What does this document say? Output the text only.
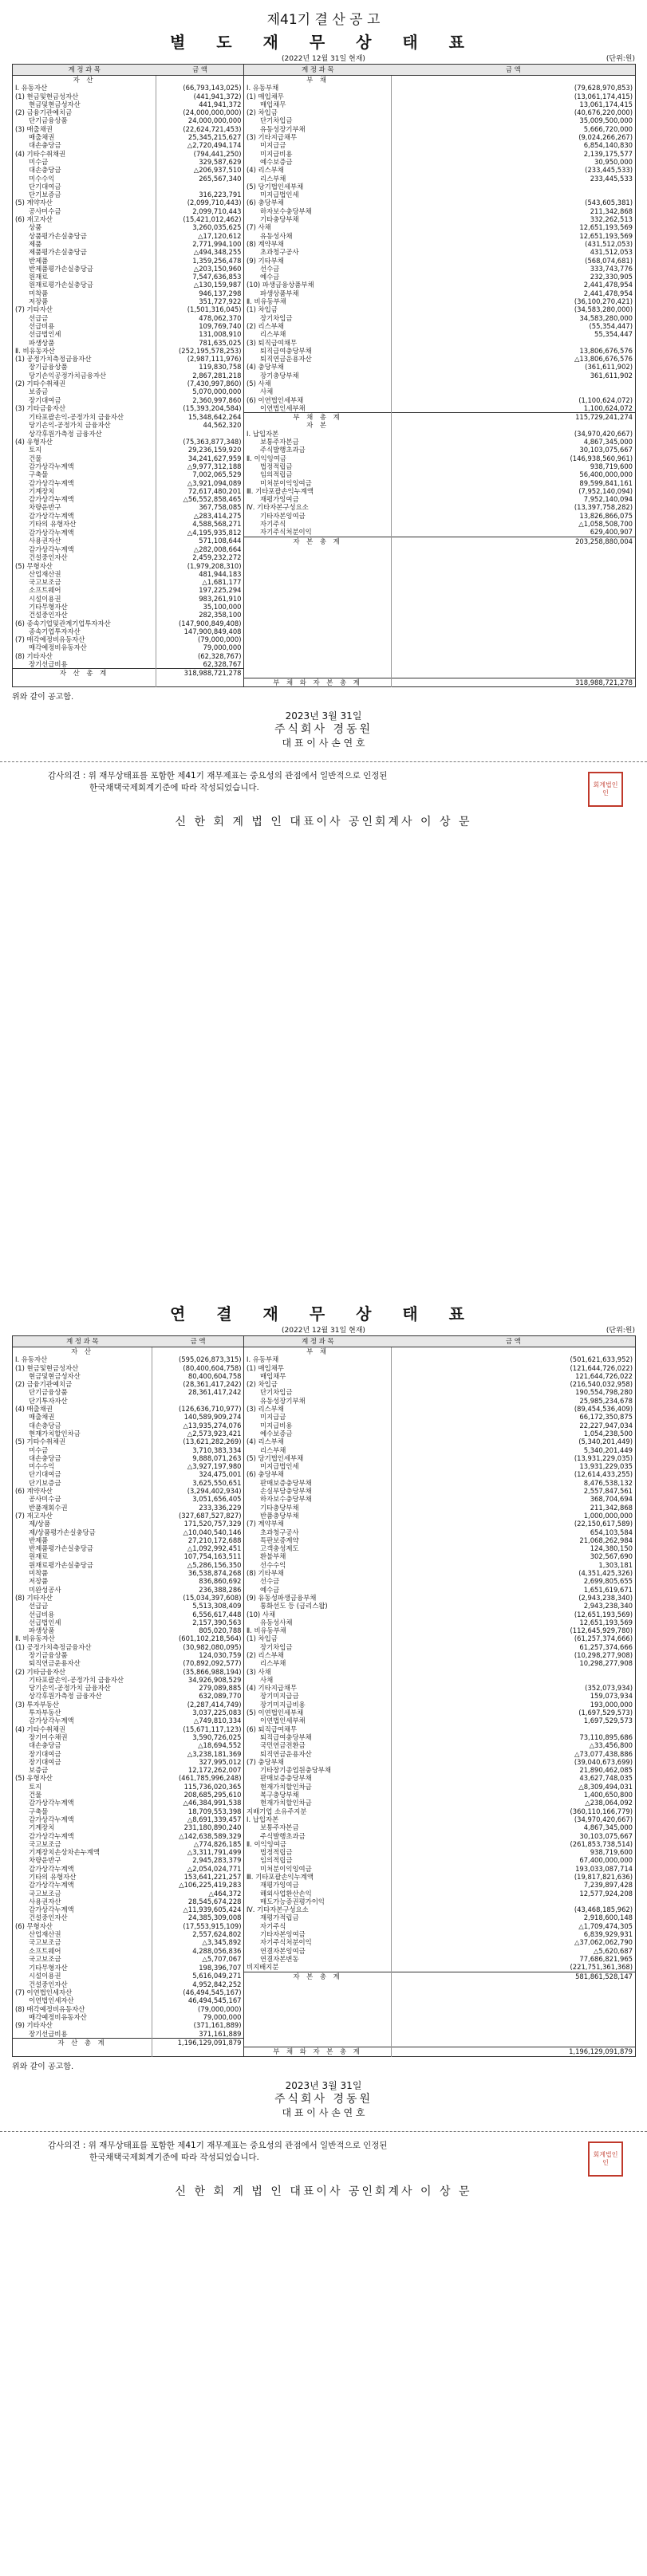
제41기 결 산 공 고

별 도 재 무 상 태 표

(2022년 12월 31일 현재)	(단위:원)
계 정 과 목	금 액		계 정 과 목	금 액
자 산			부 채	
Ⅰ. 유동자산	(66,793,143,025)		Ⅰ. 유동부채	(79,628,970,853)
(1) 현금및현금성자산	(441,941,372)		(1) 매입채무	(13,061,174,415)
현금및현금성자산	441,941,372		매입채무	13,061,174,415
(2) 금융기관예치금	(24,000,000,000)		(2) 차입금	(40,676,220,000)
단기금융상품	24,000,000,000		단기차입금	35,009,500,000
(3) 매출채권	(22,624,721,453)		유동성장기부채	5,666,720,000
매출채권	25,345,215,627		(3) 기타지급채무	(9,024,266,267)
대손충당금	△2,720,494,174		미지급금	6,854,140,830
(4) 기타수취채권	(794,441,250)		미지급비용	2,139,175,577
미수금	329,587,629		예수보증금	30,950,000
대손충당금	△206,937,510		(4) 리스부채	(233,445,533)
미수수익	265,567,340		리스부채	233,445,533
단기대여금			(5) 당기법인세부채	
단기보증금	316,223,791		미지급법인세	
(5) 계약자산	(2,099,710,443)		(6) 충당부채	(543,605,381)
공사미수금	2,099,710,443		하자보수충당부채	211,342,868
(6) 재고자산	(15,421,012,462)		기타충당부채	332,262,513
상품	3,260,035,625		(7) 사채	12,651,193,569
상품평가손실충당금	△17,120,612		유동성사채	12,651,193,569
제품	2,771,994,100		(8) 계약부채	(431,512,053)
제품평가손실충당금	△494,348,255		초과청구공사	431,512,053
반제품	1,359,256,478		(9) 기타부채	(568,074,681)
반제품평가손실충당금	△203,150,960		선수금	333,743,776
원재료	7,547,636,853		예수금	232,330,905
원재료평가손실충당금	△130,159,987		(10) 파생금융상품부채	2,441,478,954
미착품	946,137,298		파생상품부채	2,441,478,954
저장품	351,727,922		Ⅱ. 비유동부채	(36,100,270,421)
(7) 기타자산	(1,501,316,045)		(1) 차입금	(34,583,280,000)
선급금	478,062,370		장기차입금	34,583,280,000
선급비용	109,769,740		(2) 리스부채	(55,354,447)
선급법인세	131,008,910		리스부채	55,354,447
파생상품	781,635,025		(3) 퇴직급여채무	
Ⅱ. 비유동자산	(252,195,578,253)		퇴직급여충당부채	13,806,676,576
(1) 공정가치측정금융자산	(2,987,111,976)		퇴직연금운용자산	△13,806,676,576
장기금융상품	119,830,758		(4) 충당부채	(361,611,902)
당기손익공정가치금융자산	2,867,281,218		장기충당부채	361,611,902
(2) 기타수취채권	(7,430,997,860)		(5) 사채	
보증금	5,070,000,000		사채	
장기대여금	2,360,997,860		(6) 이연법인세부채	(1,100,624,072)
(3) 기타금융자산	(15,393,204,584)		이연법인세부채	1,100,624,072
기타포괄손익-공정가치 금융자산	15,348,642,264		부 채 총 계	115,729,241,274
당기손익-공정가치 금융자산	44,562,320		자 본	
상각후원가측정 금융자산			Ⅰ. 납입자본	(34,970,420,667)
(4) 유형자산	(75,363,877,348)		보통주자본금	4,867,345,000
토지	29,236,159,920		주식발행초과금	30,103,075,667
건물	34,241,627,959		Ⅱ. 이익잉여금	(146,938,560,961)
감가상각누계액	△9,977,312,188		법정적립금	938,719,600
구축물	7,002,065,529		임의적립금	56,400,000,000
감가상각누계액	△3,921,094,089		미처분이익잉여금	89,599,841,161
기계장치	72,617,480,201		Ⅲ. 기타포괄손익누계액	(7,952,140,094)
감가상각누계액	△56,552,858,465		재평가잉여금	7,952,140,094
차량운반구	367,758,085		Ⅳ. 기타자본구성요소	(13,397,758,282)
감가상각누계액	△283,414,275		기타자본잉여금	13,826,866,075
기타의 유형자산	4,588,568,271		자기주식	△1,058,508,700
감가상각누계액	△4,195,935,812		자기주식처분이익	629,400,907
사용권자산	571,108,644		자 본 총 계	203,258,880,004
감가상각누계액	△282,008,664			
건설중인자산	2,459,232,272			
(5) 무형자산	(1,979,208,310)			
산업재산권	481,944,183			
국고보조금	△1,681,177			
소프트웨어	197,225,294			
시설이용권	983,261,910			
기타무형자산	35,100,000			
건설중인자산	282,358,100			
(6) 종속기업및관계기업투자자산	(147,900,849,408)			
종속기업투자자산	147,900,849,408			
(7) 매각예정비유동자산	(79,000,000)			
매각예정비유동자산	79,000,000			
(8) 기타자산	(62,328,767)			
장기선급비용	62,328,767			
자 산 총 계	318,988,721,278			

			부 채 와 자 본 총 계	318,988,721,278
위와 같이 공고함.
2023년 3월 31일
주식회사 경동원
대 표 이 사 손 연 호
감사의견 : 위 재무상태표를 포함한 제41기 재무제표는 중요성의 관점에서 일반적으로 인정된
한국채택국제회계기준에 따라 작성되었습니다.
신 한 회 계 법 인 대표이사 공인회계사 이 상 문
회계법인 인

연 결 재 무 상 태 표

(2022년 12월 31일 현재)	(단위:원)
계 정 과 목	금 액		계 정 과 목	금 액
자 산			부 채	
Ⅰ. 유동자산	(595,026,873,315)		Ⅰ. 유동부채	(501,621,633,952)
(1) 현금및현금성자산	(80,400,604,758)		(1) 매입채무	(121,644,726,022)
현금및현금성자산	80,400,604,758		매입채무	121,644,726,022
(2) 금융기관예치금	(28,361,417,242)		(2) 차입금	(216,540,032,958)
단기금융상품	28,361,417,242		단기차입금	190,554,798,280
단기투자자산			유동성장기부채	25,985,234,678
(4) 매출채권	(126,636,710,977)		(3) 리스부채	(89,454,536,409)
매출채권	140,589,909,274		미지급금	66,172,350,875
대손충당금	△13,935,274,076		미지급비용	22,227,947,034
현재가치할인차금	△2,573,923,421		예수보증금	1,054,238,500
(5) 기타수취채권	(13,621,282,269)		(4) 리스부채	(5,340,201,449)
미수금	3,710,383,334		리스부채	5,340,201,449
대손충당금	9,888,071,263		(5) 당기법인세부채	(13,931,229,035)
미수수익	△3,927,197,980		미지급법인세	13,931,229,035
단기대여금	324,475,001		(6) 충당부채	(12,614,433,255)
단기보증금	3,625,550,651		판매보증충당부채	8,476,538,132
(6) 계약자산	(3,294,402,934)		손실부담충당부채	2,557,847,561
공사미수금	3,051,656,405		하자보수충당부채	368,704,694
반품재회수권	233,336,229		기타충당부채	211,342,868
(7) 재고자산	(327,687,527,827)		반품충당부채	1,000,000,000
제/상품	171,520,757,329		(7) 계약부채	(22,150,617,589)
제/상품평가손실충당금	△10,040,540,146		초과청구공사	654,103,584
반제품	27,210,172,688		특판보증계약	21,068,262,984
반제품평가손실충당금	△1,092,992,451		고객충성제도	124,380,150
원재료	107,754,163,511		환불부채	302,567,690
원재료평가손실충당금	△5,286,156,350		선수수익	1,303,181
미착품	36,538,874,268		(8) 기타부채	(4,351,425,326)
저장품	836,860,692		선수금	2,699,805,655
미완성공사	236,388,286		예수금	1,651,619,671
(8) 기타자산	(15,034,397,608)		(9) 유동성파생금융부채	(2,943,238,340)
선급금	5,513,308,409		통화선도 등 (금리스왑)	2,943,238,340
선급비용	6,556,617,448		(10) 사채	(12,651,193,569)
선급법인세	2,157,390,563		유동성사채	12,651,193,569
파생상품	805,020,788		Ⅱ. 비유동부채	(112,645,929,780)
Ⅱ. 비유동자산	(601,102,218,564)		(1) 차입금	(61,257,374,666)
(1) 공정가치측정금융자산	(30,982,080,095)		장기차입금	61,257,374,666
장기금융상품	124,030,759		(2) 리스부채	(10,298,277,908)
퇴직연금운용자산	(70,892,092,577)		리스부채	10,298,277,908
(2) 기타금융자산	(35,866,988,194)		(3) 사채	
기타포괄손익-공정가치 금융자산	34,926,908,529		사채	
당기손익-공정가치 금융자산	279,089,885		(4) 기타지급채무	(352,073,934)
상각후원가측정 금융자산	632,089,770		장기미지급금	159,073,934
(3) 투자부동산	(2,287,414,749)		장기미지급비용	193,000,000
투자부동산	3,037,225,083		(5) 이연법인세부채	(1,697,529,573)
감가상각누계액	△749,810,334		이연법인세부채	1,697,529,573
(4) 기타수취채권	(15,671,117,123)		(6) 퇴직급여채무	
장기미수채권	3,590,726,025		퇴직급여충당부채	73,110,895,686
대손충당금	△18,694,552		국민연금전환금	△33,456,800
장기대여금	△3,238,181,369		퇴직연금운용자산	△73,077,438,886
장기대여금	327,995,012		(7) 충당부채	(39,040,673,699)
보증금	12,172,262,007		기타장기종업원충당부채	21,890,462,085
(5) 유형자산	(461,785,996,248)		판매보증충당부채	43,627,748,035
토지	115,736,020,365		현재가치할인차금	△8,309,494,031
건물	208,685,295,610		복구충당부채	1,400,650,800
감가상각누계액	△46,384,991,538		현재가치할인차금	△238,064,092
구축물	18,709,553,398		지배기업 소유주지분	(360,110,166,779)
감가상각누계액	△8,691,339,457		Ⅰ. 납입자본	(34,970,420,667)
기계장치	231,180,890,240		보통주자본금	4,867,345,000
감가상각누계액	△142,638,589,329		주식발행초과금	30,103,075,667
국고보조금	△774,826,185		Ⅱ. 이익잉여금	(261,853,738,514)
기계장치손상차손누계액	△3,311,791,499		법정적립금	938,719,600
차량운반구	2,945,283,379		임의적립금	67,400,000,000
감가상각누계액	△2,054,024,771		미처분이익잉여금	193,033,087,714
기타의 유형자산	153,641,221,257		Ⅲ. 기타포괄손익누계액	(19,817,821,636)
감가상각누계액	△106,225,419,283		재평가잉여금	7,239,897,428
국고보조금	△464,372		해외사업환산손익	12,577,924,208
사용권자산	28,545,674,228		매도가능증권평가이익	
감가상각누계액	△11,939,605,424		Ⅳ. 기타자본구성요소	(43,468,185,962)
건설중인자산	24,385,309,008		재평가적립금	2,918,600,148
(6) 무형자산	(17,553,915,109)		자기주식	△1,709,474,305
산업재산권	2,557,624,802		기타자본잉여금	6,839,929,931
국고보조금	△3,345,892		자기주식처분이익	△37,062,062,790
소프트웨어	4,288,056,836		연결자본잉여금	△5,620,687
국고보조금	△5,707,067		연결자본변동	77,686,821,965
기타무형자산	198,396,707		비지배지분	(221,751,361,368)
시설이용권	5,616,049,271		자 본 총 계	581,861,528,147
건설중인자산	4,952,842,252			
(7) 이연법인세자산	(46,494,545,167)			
이연법인세자산	46,494,545,167			
(8) 매각예정비유동자산	(79,000,000)			
매각예정비유동자산	79,000,000			
(9) 기타자산	(371,161,889)			
장기선급비용	371,161,889			
자 산 총 계	1,196,129,091,879			

			부 채 와 자 본 총 계	1,196,129,091,879
위와 같이 공고함.
2023년 3월 31일
주식회사 경동원
대 표 이 사 손 연 호
감사의견 : 위 재무상태표를 포함한 제41기 재무제표는 중요성의 관점에서 일반적으로 인정된
한국채택국제회계기준에 따라 작성되었습니다.
신 한 회 계 법 인 대표이사 공인회계사 이 상 문
회계법인 인
